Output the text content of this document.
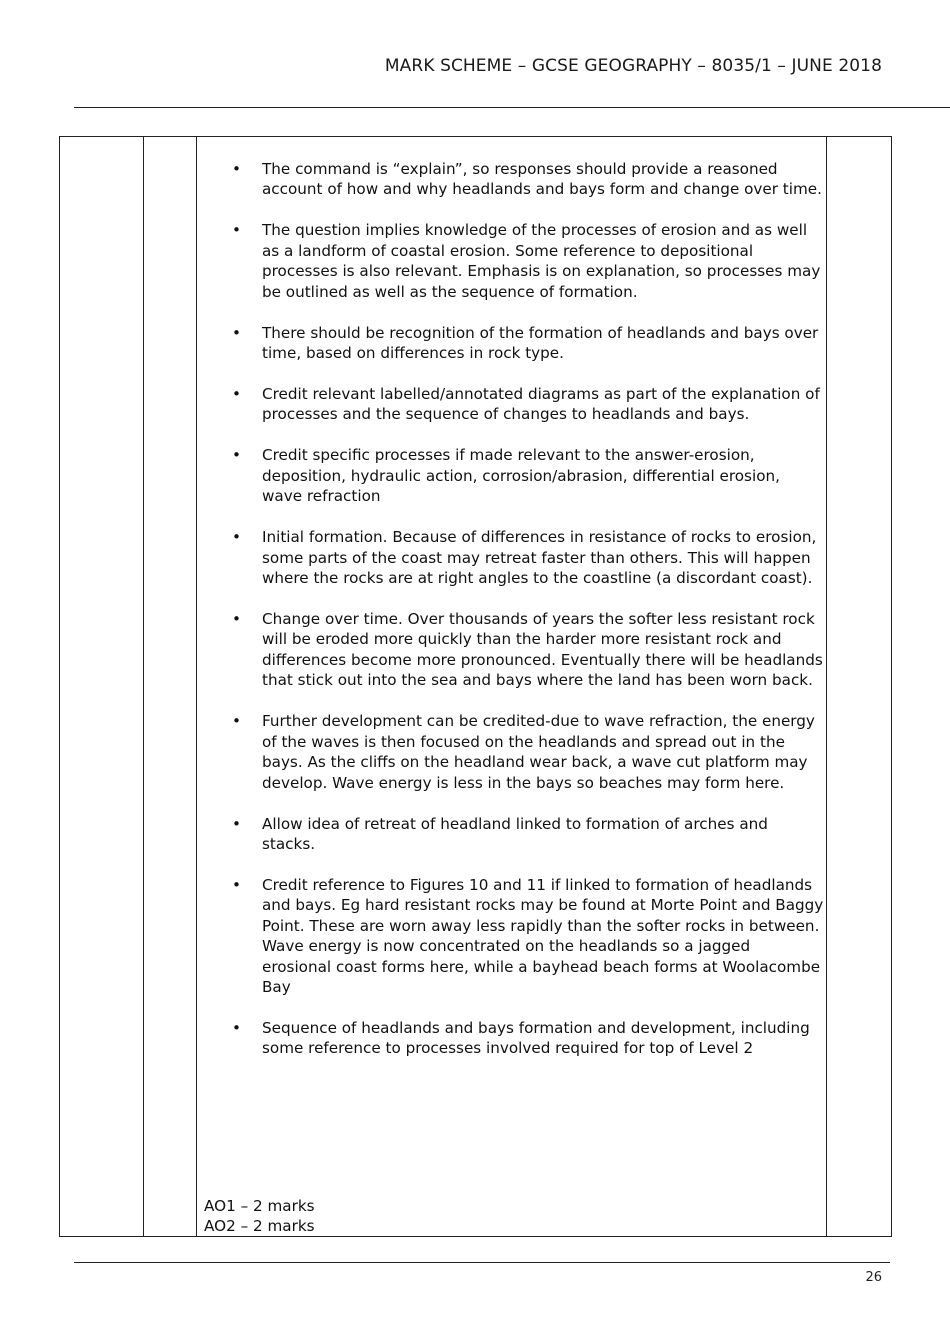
MARK SCHEME – GCSE GEOGRAPHY – 8035/1 – JUNE 2018
• The command is “explain”, so responses should provide a reasoned account of how and why headlands and bays form and change over time.
• The question implies knowledge of the processes of erosion and as well as a landform of coastal erosion. Some reference to depositional processes is also relevant. Emphasis is on explanation, so processes may be outlined as well as the sequence of formation.
• There should be recognition of the formation of headlands and bays over time, based on differences in rock type.
• Credit relevant labelled/annotated diagrams as part of the explanation of processes and the sequence of changes to headlands and bays.
• Credit specific processes if made relevant to the answer-erosion, deposition, hydraulic action, corrosion/abrasion, differential erosion, wave refraction
• Initial formation. Because of differences in resistance of rocks to erosion, some parts of the coast may retreat faster than others. This will happen where the rocks are at right angles to the coastline (a discordant coast).
• Change over time. Over thousands of years the softer less resistant rock will be eroded more quickly than the harder more resistant rock and differences become more pronounced. Eventually there will be headlands that stick out into the sea and bays where the land has been worn back.
• Further development can be credited-due to wave refraction, the energy of the waves is then focused on the headlands and spread out in the bays. As the cliffs on the headland wear back, a wave cut platform may develop. Wave energy is less in the bays so beaches may form here.
• Allow idea of retreat of headland linked to formation of arches and stacks.
• Credit reference to Figures 10 and 11 if linked to formation of headlands and bays. Eg hard resistant rocks may be found at Morte Point and Baggy Point. These are worn away less rapidly than the softer rocks in between. Wave energy is now concentrated on the headlands so a jagged erosional coast forms here, while a bayhead beach forms at Woolacombe Bay
• Sequence of headlands and bays formation and development, including some reference to processes involved required for top of Level 2
AO1 – 2 marks
AO2 – 2 marks
26
